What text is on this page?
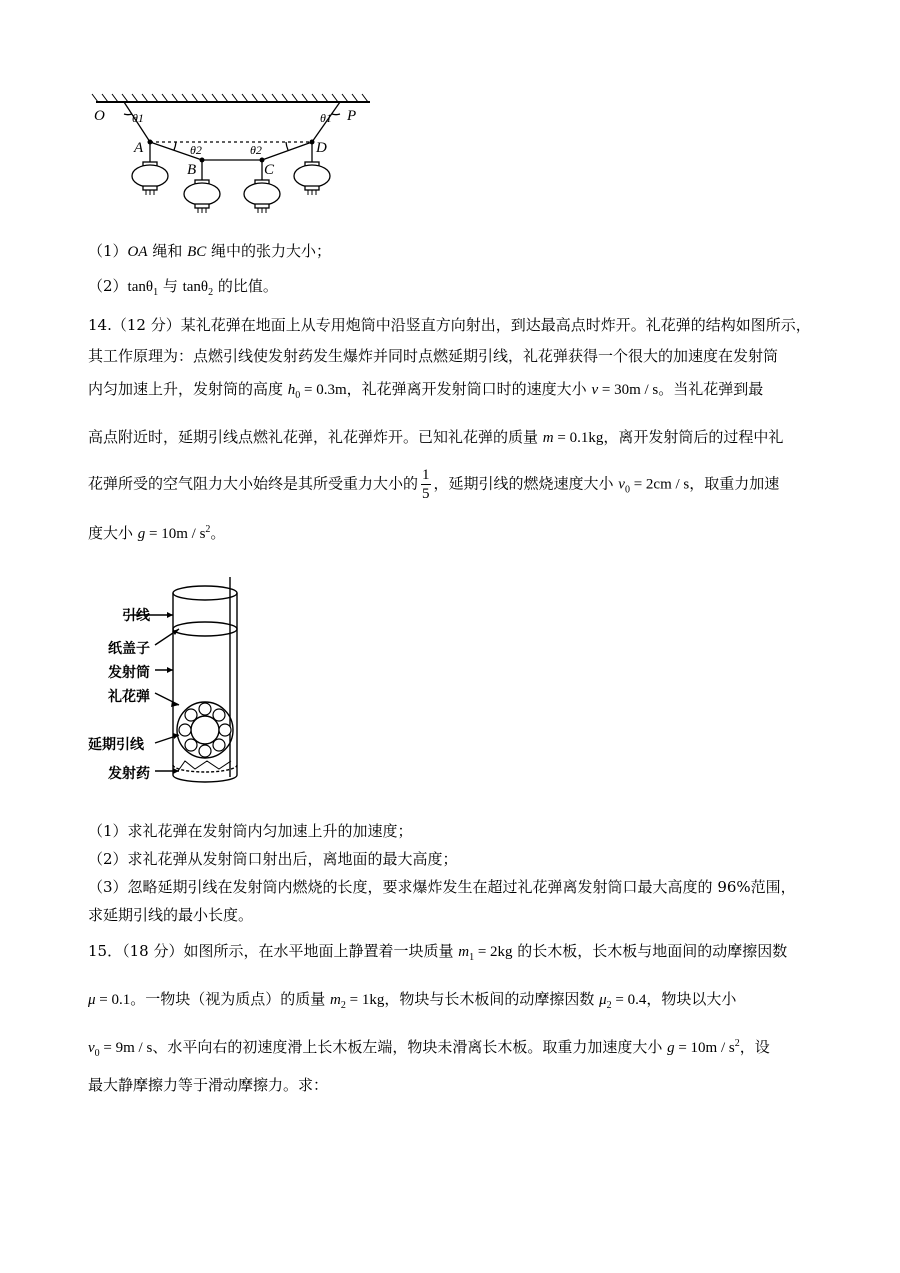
O	P
A
B	C
D
θ1	θ1
θ2	θ2
（1）OA 绳和 BC 绳中的张力大小；
（2）tanθ$_1$ 与 tanθ$_2$ 的比值。
14.（12 分）某礼花弹在地面上从专用炮筒中沿竖直方向射出，到达最高点时炸开。礼花弹的结构如图所示，
其工作原理为：点燃引线使发射药发生爆炸并同时点燃延期引线，礼花弹获得一个很大的加速度在发射筒
内匀加速上升，发射筒的高度 $h_0 = 0.3m$，礼花弹离开发射筒口时的速度大小 v = 30m / s。当礼花弹到最
高点附近时，延期引线点燃礼花弹，礼花弹炸开。已知礼花弹的质量 m = 0.1kg，离开发射筒后的过程中礼
花弹所受的空气阻力大小始终是其所受重力大小的 $\frac{1}{5}$ ，延期引线的燃烧速度大小 $v_0 = 2cm / s$，取重力加速
度大小 $g = 10m / s^2$。
引线
纸盖子
发射筒
礼花弹
延期引线
发射药
（1）求礼花弹在发射筒内匀加速上升的加速度；
（2）求礼花弹从发射筒口射出后，离地面的最大高度；
（3）忽略延期引线在发射筒内燃烧的长度，要求爆炸发生在超过礼花弹离发射筒口最大高度的 96%范围，
求延期引线的最小长度。
15．（18 分）如图所示，在水平地面上静置着一块质量 $m_1 = 2kg$ 的长木板，长木板与地面间的动摩擦因数
μ = 0.1。一物块（视为质点）的质量 $m_2 = 1kg$，物块与长木板间的动摩擦因数 $\mu_2 = 0.4$，物块以大小
$v_0 = 9m / s$、水平向右的初速度滑上长木板左端，物块未滑离长木板。取重力加速度大小 $g = 10m / s^2$，设
最大静摩擦力等于滑动摩擦力。求：
